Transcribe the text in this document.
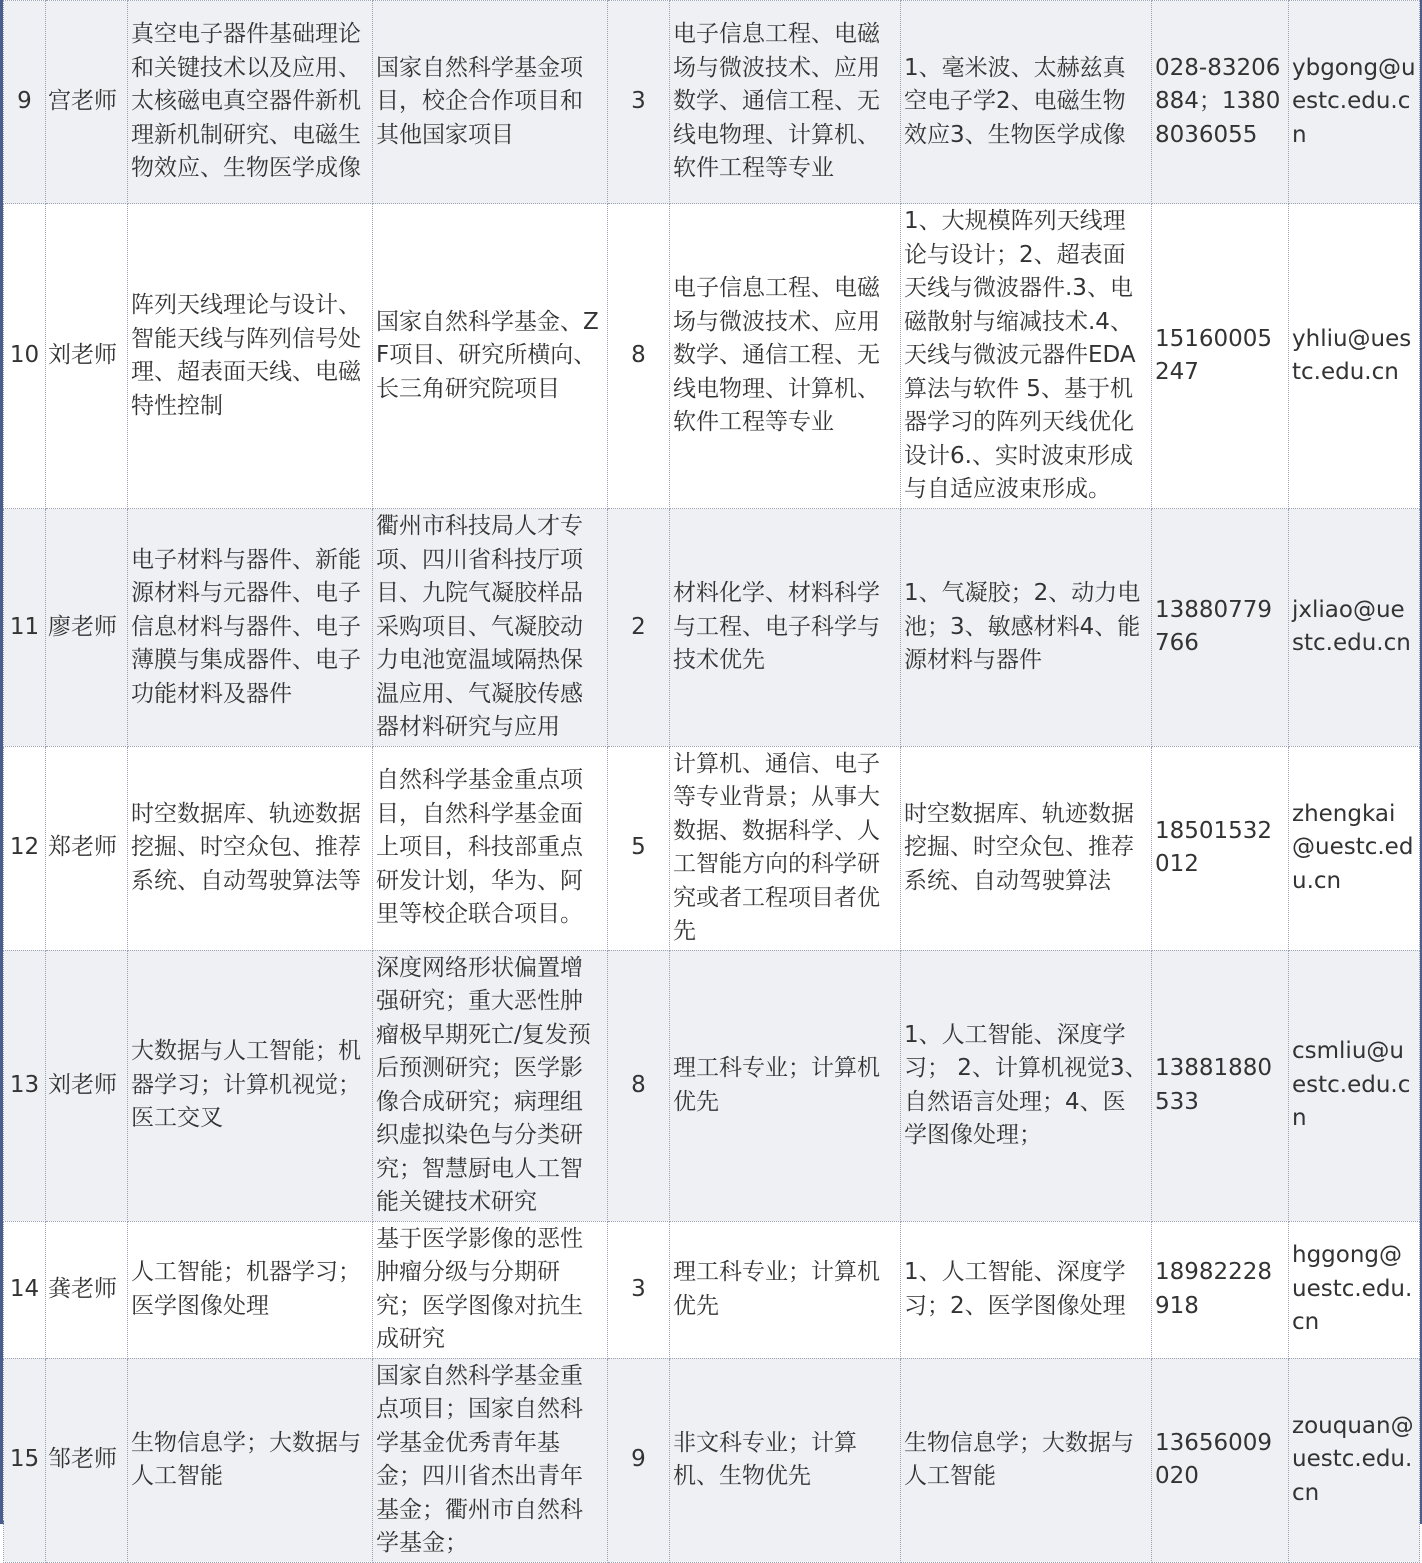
9	宫老师	真空电子器件基础理论和关键技术以及应用、太核磁电真空器件新机理新机制研究、电磁生物效应、生物医学成像	国家自然科学基金项目，校企合作项目和其他国家项目	3	电子信息工程、电磁场与微波技术、应用数学、通信工程、无线电物理、计算机、软件工程等专业	1、毫米波、太赫兹真空电子学2、电磁生物效应3、生物医学成像	028-83206884；13808036055	ybgong@uestc.edu.cn
10	刘老师	阵列天线理论与设计、智能天线与阵列信号处理、超表面天线、电磁特性控制	国家自然科学基金、ZF项目、研究所横向、长三角研究院项目	8	电子信息工程、电磁场与微波技术、应用数学、通信工程、无线电物理、计算机、软件工程等专业	1、大规模阵列天线理论与设计；2、超表面天线与微波器件.3、电磁散射与缩减技术.4、天线与微波元器件EDA算法与软件 5、基于机器学习的阵列天线优化设计6.、实时波束形成与自适应波束形成。	15160005247	yhliu@uestc.edu.cn
11	廖老师	电子材料与器件、新能源材料与元器件、电子信息材料与器件、电子薄膜与集成器件、电子功能材料及器件	衢州市科技局人才专项、四川省科技厅项目、九院气凝胶样品采购项目、气凝胶动力电池宽温域隔热保温应用、气凝胶传感器材料研究与应用	2	材料化学、材料科学与工程、电子科学与技术优先	1、气凝胶；2、动力电池；3、敏感材料4、能源材料与器件	13880779766	jxliao@uestc.edu.cn
12	郑老师	时空数据库、轨迹数据挖掘、时空众包、推荐系统、自动驾驶算法等	自然科学基金重点项目，自然科学基金面上项目，科技部重点研发计划，华为、阿里等校企联合项目。	5	计算机、通信、电子等专业背景；从事大数据、数据科学、人工智能方向的科学研究或者工程项目者优先	时空数据库、轨迹数据挖掘、时空众包、推荐系统、自动驾驶算法	18501532012	zhengkai@uestc.edu.cn
13	刘老师	大数据与人工智能；机器学习；计算机视觉；医工交叉	深度网络形状偏置增强研究；重大恶性肿瘤极早期死亡/复发预后预测研究；医学影像合成研究；病理组织虚拟染色与分类研究；智慧厨电人工智能关键技术研究	8	理工科专业；计算机优先	1、人工智能、深度学习； 2、计算机视觉3、自然语言处理；4、医学图像处理；	13881880533	csmliu@uestc.edu.cn
14	龚老师	人工智能；机器学习；医学图像处理	基于医学影像的恶性肿瘤分级与分期研究；医学图像对抗生成研究	3	理工科专业；计算机优先	1、人工智能、深度学习；2、医学图像处理	18982228918	hggong@uestc.edu.cn
15	邹老师	生物信息学；大数据与人工智能	国家自然科学基金重点项目；国家自然科学基金优秀青年基金；四川省杰出青年基金；衢州市自然科学基金；	9	非文科专业；计算机、生物优先	生物信息学；大数据与人工智能	13656009020	zouquan@uestc.edu.cn
